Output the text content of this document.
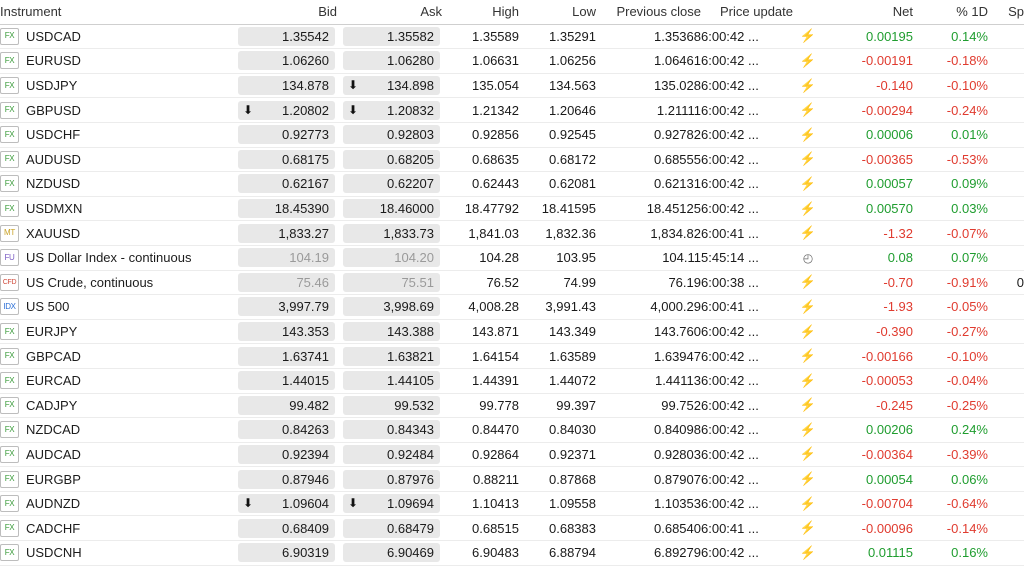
Instrument	Bid	Ask	High	Low	Previous close	Price update		Net	% 1D	Sp

FX USDCAD	1.35542	1.35582	1.35589	1.35291	1.35368	6:00:42 ...	⚡	0.00195	0.14%	

FX EURUSD	1.06260	1.06280	1.06631	1.06256	1.06461	6:00:42 ...	⚡	-0.00191	-0.18%	

FX USDJPY	134.878	⬇ 134.898	135.054	134.563	135.028	6:00:42 ...	⚡	-0.140	-0.10%	

FX GBPUSD	⬇ 1.20802	⬇ 1.20832	1.21342	1.20646	1.21111	6:00:42 ...	⚡	-0.00294	-0.24%	

FX USDCHF	0.92773	0.92803	0.92856	0.92545	0.92782	6:00:42 ...	⚡	0.00006	0.01%	

FX AUDUSD	0.68175	0.68205	0.68635	0.68172	0.68555	6:00:42 ...	⚡	-0.00365	-0.53%	

FX NZDUSD	0.62167	0.62207	0.62443	0.62081	0.62131	6:00:42 ...	⚡	0.00057	0.09%	

FX USDMXN	18.45390	18.46000	18.47792	18.41595	18.45125	6:00:42 ...	⚡	0.00570	0.03%	

MT XAUUSD	1,833.27	1,833.73	1,841.03	1,832.36	1,834.82	6:00:41 ...	⚡	-1.32	-0.07%	

FU US Dollar Index - continuous	104.19	104.20	104.28	103.95	104.11	5:45:14 ...	◴	0.08	0.07%	

CFD US Crude, continuous	75.46	75.51	76.52	74.99	76.19	6:00:38 ...	⚡	-0.70	-0.91%	0

IDX US 500	3,997.79	3,998.69	4,008.28	3,991.43	4,000.29	6:00:41 ...	⚡	-1.93	-0.05%	

FX EURJPY	143.353	143.388	143.871	143.349	143.760	6:00:42 ...	⚡	-0.390	-0.27%	

FX GBPCAD	1.63741	1.63821	1.64154	1.63589	1.63947	6:00:42 ...	⚡	-0.00166	-0.10%	

FX EURCAD	1.44015	1.44105	1.44391	1.44072	1.44113	6:00:42 ...	⚡	-0.00053	-0.04%	

FX CADJPY	99.482	99.532	99.778	99.397	99.752	6:00:42 ...	⚡	-0.245	-0.25%	

FX NZDCAD	0.84263	0.84343	0.84470	0.84030	0.84098	6:00:42 ...	⚡	0.00206	0.24%	

FX AUDCAD	0.92394	0.92484	0.92864	0.92371	0.92803	6:00:42 ...	⚡	-0.00364	-0.39%	

FX EURGBP	0.87946	0.87976	0.88211	0.87868	0.87907	6:00:42 ...	⚡	0.00054	0.06%	

FX AUDNZD	⬇ 1.09604	⬇ 1.09694	1.10413	1.09558	1.10353	6:00:42 ...	⚡	-0.00704	-0.64%	

FX CADCHF	0.68409	0.68479	0.68515	0.68383	0.68540	6:00:41 ...	⚡	-0.00096	-0.14%	

FX USDCNH	6.90319	6.90469	6.90483	6.88794	6.89279	6:00:42 ...	⚡	0.01115	0.16%	
